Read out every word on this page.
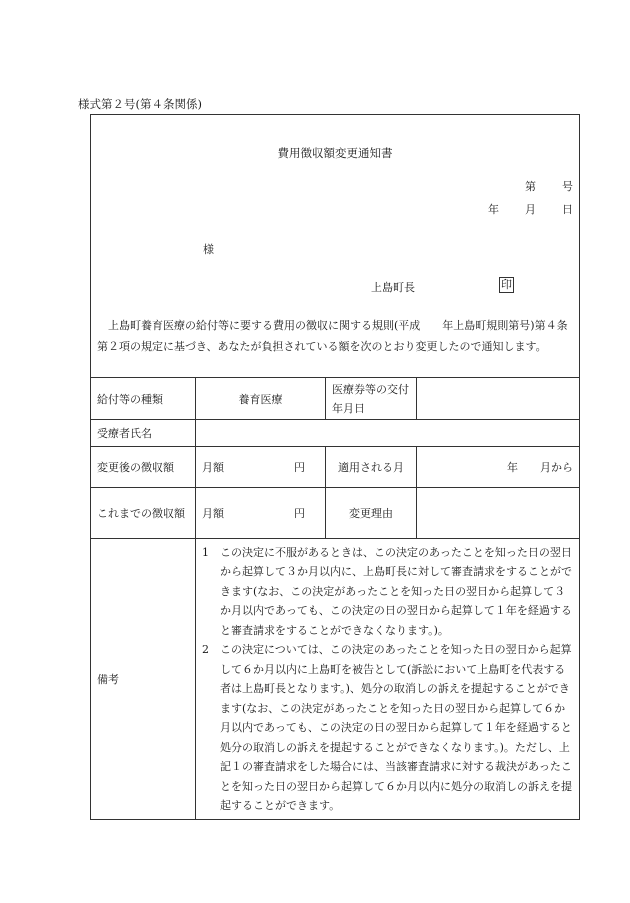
様式第２号(第４条関係)
費用徴収額変更通知書
第 号
年 月 日
様
上島町長	印
上島町養育医療の給付等に要する費用の徴収に関する規則(平成　　年上島町規則第号)第４条第２項の規定に基づき、あなたが負担されている額を次のとおり変更したので通知します。
給付等の種類	養育医療	医療券等の交付年月日	
受療者氏名			
変更後の徴収額	月額 円	適用される月	年 月から
これまでの徴収額	月額 円	変更理由	
備考	1 この決定に不服があるときは、この決定のあったことを知った日の翌日から起算して３か月以内に、上島町長に対して審査請求をすることができます(なお、この決定があったことを知った日の翌日から起算して３か月以内であっても、この決定の日の翌日から起算して１年を経過すると審査請求をすることができなくなります。)。
2 この決定については、この決定のあったことを知った日の翌日から起算して６か月以内に上島町を被告として(訴訟において上島町を代表する者は上島町長となります。)、処分の取消しの訴えを提起することができます(なお、この決定があったことを知った日の翌日から起算して６か月以内であっても、この決定の日の翌日から起算して１年を経過すると処分の取消しの訴えを提起することができなくなります。)。ただし、上記１の審査請求をした場合には、当該審査請求に対する裁決があったことを知った日の翌日から起算して６か月以内に処分の取消しの訴えを提起することができます。		
